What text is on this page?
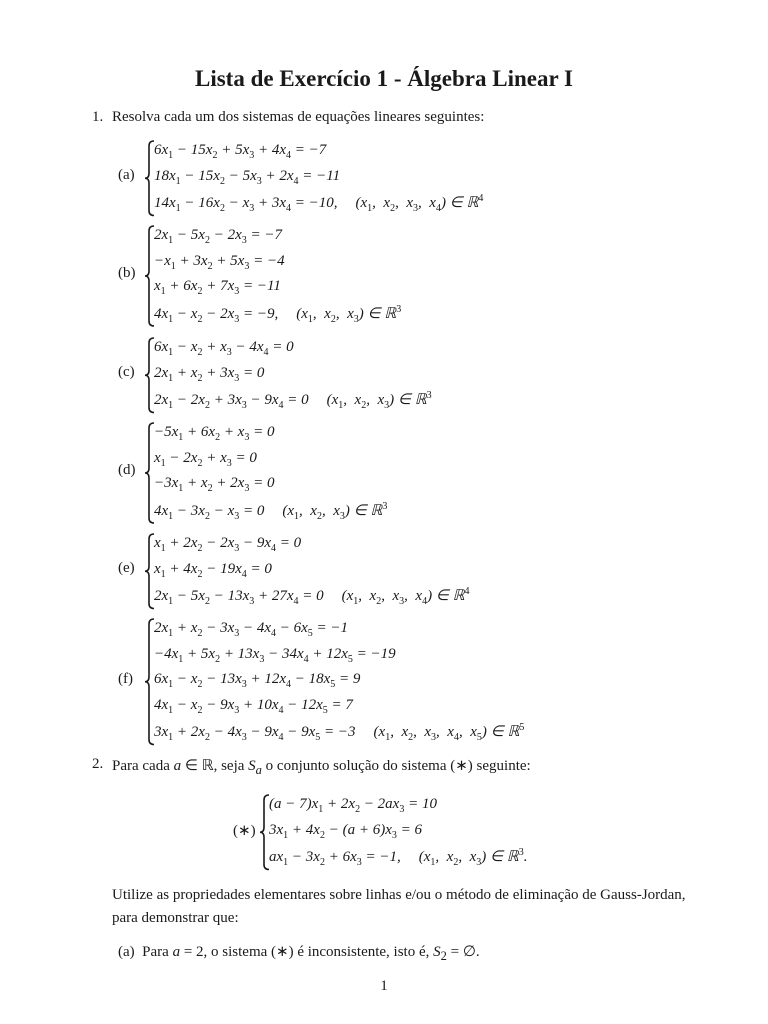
Lista de Exercício 1 - Álgebra Linear I
1. Resolva cada um dos sistemas de equações lineares seguintes:
(a)
$6x_1 - 15x_2 + 5x_3 + 4x_4 = -7$
$18x_1 - 15x_2 - 5x_3 + 2x_4 = -11$
$14x_1 - 16x_2 - x_3 + 3x_4 = -10$, ($x_1$,  $x_2$,  $x_3$,  $x_4$) ∈ ℝ$^4$
(b)
$2x_1 - 5x_2 - 2x_3 = -7$
$-x_1 + 3x_2 + 5x_3 = -4$
$x_1 + 6x_2 + 7x_3 = -11$
$4x_1 - x_2 - 2x_3 = -9$, ($x_1$,  $x_2$,  $x_3$) ∈ ℝ$^3$
(c)
$6x_1 - x_2 + x_3 - 4x_4 = 0$
$2x_1 + x_2 + 3x_3 = 0$
$2x_1 - 2x_2 + 3x_3 - 9x_4 = 0$ ($x_1$,  $x_2$,  $x_3$) ∈ ℝ$^3$
(d)
$-5x_1 + 6x_2 + x_3 = 0$
$x_1 - 2x_2 + x_3 = 0$
$-3x_1 + x_2 + 2x_3 = 0$
$4x_1 - 3x_2 - x_3 = 0$ ($x_1$,  $x_2$,  $x_3$) ∈ ℝ$^3$
(e)
$x_1 + 2x_2 - 2x_3 - 9x_4 = 0$
$x_1 + 4x_2 - 19x_4 = 0$
$2x_1 - 5x_2 - 13x_3 + 27x_4 = 0$ ($x_1$,  $x_2$,  $x_3$,  $x_4$) ∈ ℝ$^4$
(f)
$2x_1 + x_2 - 3x_3 - 4x_4 - 6x_5 = -1$
$-4x_1 + 5x_2 + 13x_3 - 34x_4 + 12x_5 = -19$
$6x_1 - x_2 - 13x_3 + 12x_4 - 18x_5 = 9$
$4x_1 - x_2 - 9x_3 + 10x_4 - 12x_5 = 7$
$3x_1 + 2x_2 - 4x_3 - 9x_4 - 9x_5 = -3$ ($x_1$,  $x_2$,  $x_3$,  $x_4$,  $x_5$) ∈ ℝ$^5$
2. Para cada a ∈ ℝ, seja $S_a$ o conjunto solução do sistema (∗) seguinte:
(∗)
$(a - 7)x_1 + 2x_2 - 2ax_3 = 10$
$3x_1 + 4x_2 - (a + 6)x_3 = 6$
$ax_1 - 3x_2 + 6x_3 = -1$, ($x_1$,  $x_2$,  $x_3$) ∈ ℝ$^3$.
Utilize as propriedades elementares sobre linhas e/ou o método de eliminação de Gauss-Jordan, para demonstrar que:
(a)  Para a = 2, o sistema (∗) é inconsistente, isto é, $S_2$ = ∅.
1
